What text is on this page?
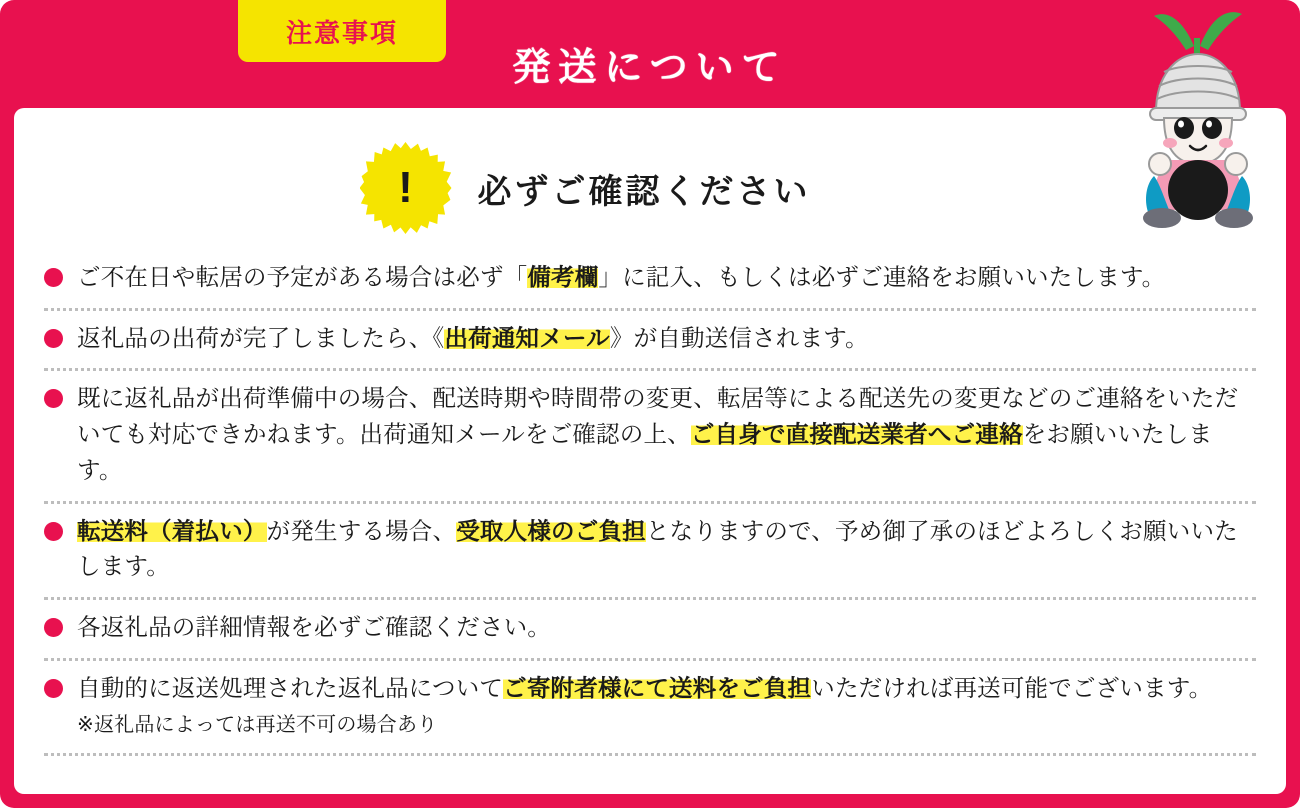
注意事項
発送について
!	必ずご確認ください
ご不在日や転居の予定がある場合は必ず「備考欄」に記入、もしくは必ずご連絡をお願いいたします。
返礼品の出荷が完了しましたら、《出荷通知メール》が自動送信されます。
既に返礼品が出荷準備中の場合、配送時期や時間帯の変更、転居等による配送先の変更などのご連絡をいただいても対応できかねます。出荷通知メールをご確認の上、ご自身で直接配送業者へご連絡をお願いいたします。
転送料（着払い）が発生する場合、受取人様のご負担となりますので、予め御了承のほどよろしくお願いいたします。
各返礼品の詳細情報を必ずご確認ください。
自動的に返送処理された返礼品についてご寄附者様にて送料をご負担いただければ再送可能でございます。
※返礼品によっては再送不可の場合あり
